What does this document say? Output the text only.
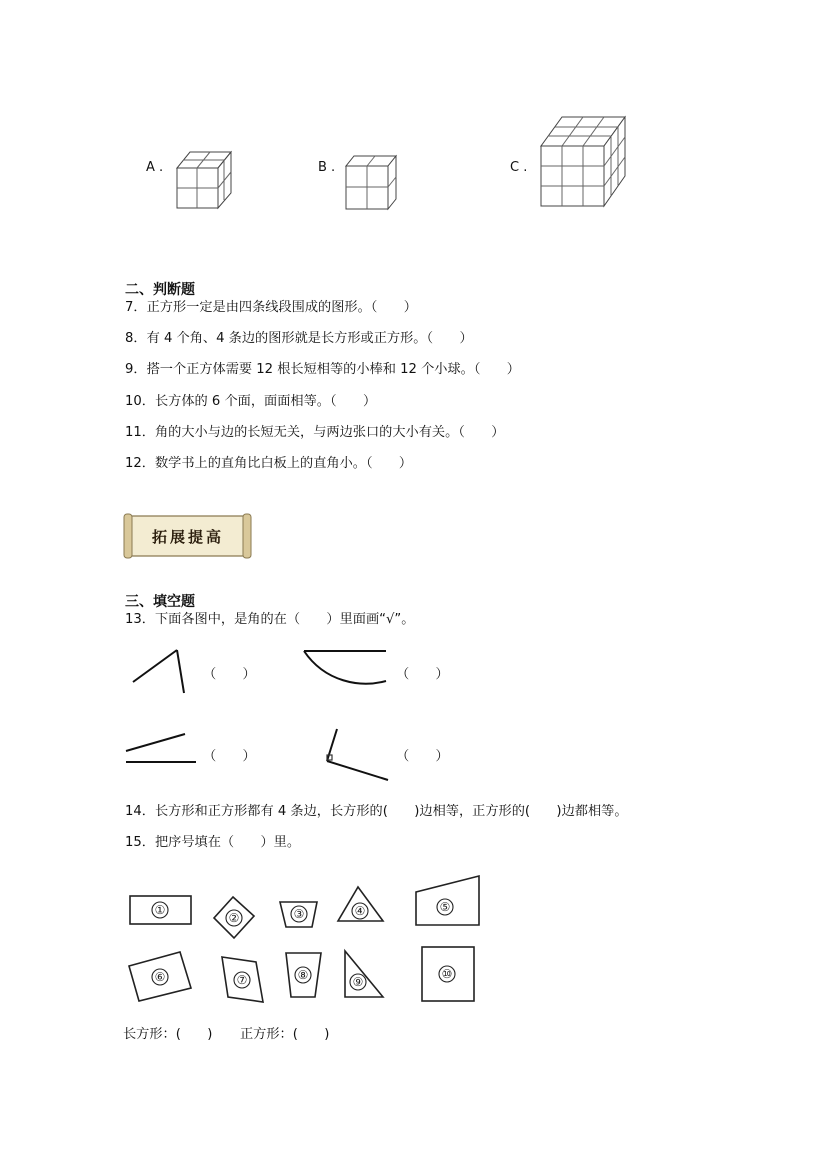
A .	B .	C .
二、判断题
7．正方形一定是由四条线段围成的图形。（　　）
8．有 4 个角、4 条边的图形就是长方形或正方形。（　　）
9．搭一个正方体需要 12 根长短相等的小棒和 12 个小球。（　　）
10．长方体的 6 个面，面面相等。（　　）
11．角的大小与边的长短无关，与两边张口的大小有关。（　　）
12．数学书上的直角比白板上的直角小。（　　）
拓展提高
三、填空题
13．下面各图中，是角的在（　　）里面画“√”。
（　　）	（　　）
（　　）	（　　）
14．长方形和正方形都有 4 条边，长方形的(　　)边相等，正方形的(　　)边都相等。
15．把序号填在（　　）里。
①
②	③	④	⑤
⑥	⑦	⑧	⑨
⑩
长方形：(　　) 正方形：(　　)
